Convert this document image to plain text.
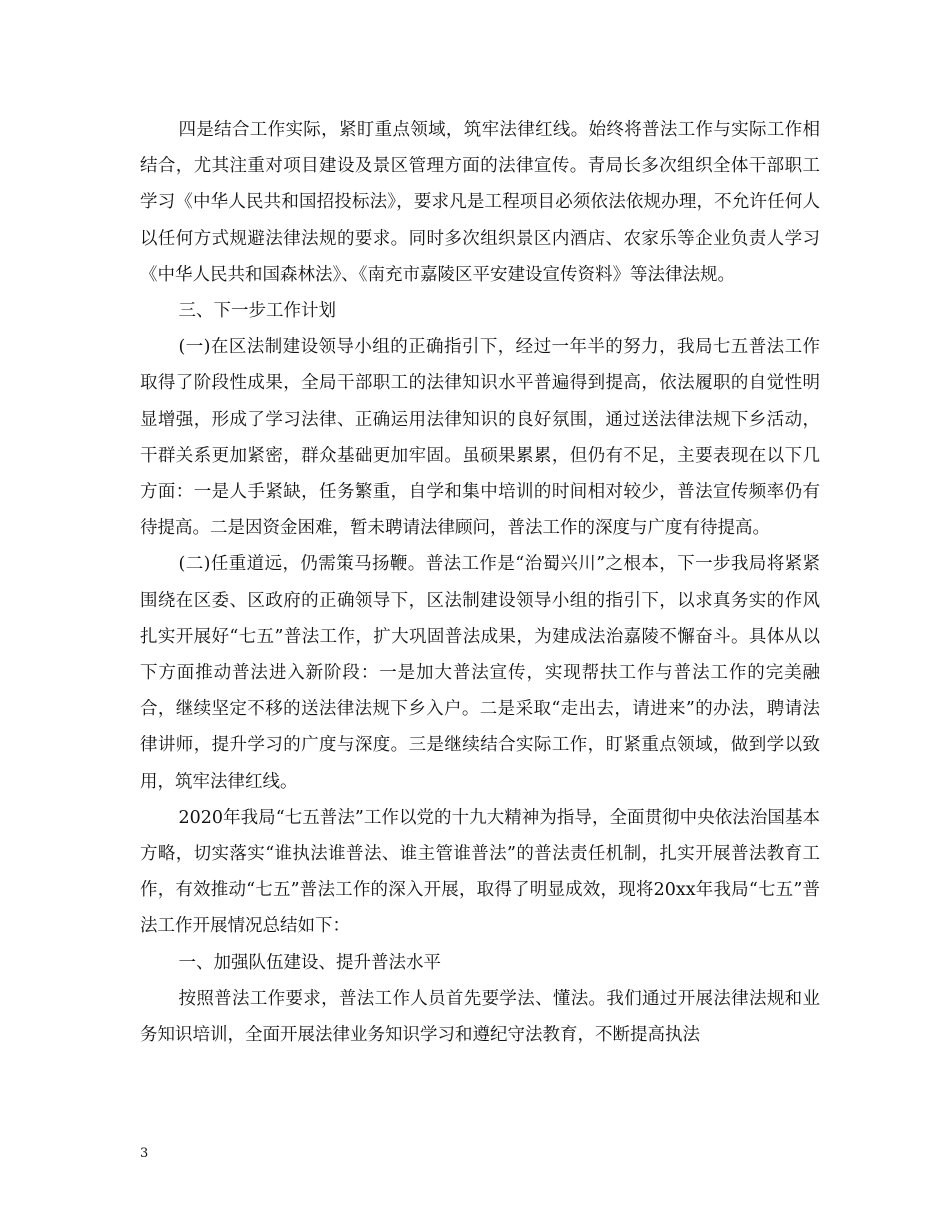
四是结合工作实际，紧盯重点领域，筑牢法律红线。始终将普法工作与实际工作相结合，尤其注重对项目建设及景区管理方面的法律宣传。青局长多次组织全体干部职工学习《中华人民共和国招投标法》，要求凡是工程项目必须依法依规办理，不允许任何人以任何方式规避法律法规的要求。同时多次组织景区内酒店、农家乐等企业负责人学习《中华人民共和国森林法》、《南充市嘉陵区平安建设宣传资料》等法律法规。

三、下一步工作计划

(一)在区法制建设领导小组的正确指引下，经过一年半的努力，我局七五普法工作取得了阶段性成果，全局干部职工的法律知识水平普遍得到提高，依法履职的自觉性明显增强，形成了学习法律、正确运用法律知识的良好氛围，通过送法律法规下乡活动，干群关系更加紧密，群众基础更加牢固。虽硕果累累，但仍有不足，主要表现在以下几方面：一是人手紧缺，任务繁重，自学和集中培训的时间相对较少，普法宣传频率仍有待提高。二是因资金困难，暂未聘请法律顾问，普法工作的深度与广度有待提高。

(二)任重道远，仍需策马扬鞭。普法工作是“治蜀兴川”之根本，下一步我局将紧紧围绕在区委、区政府的正确领导下，区法制建设领导小组的指引下，以求真务实的作风扎实开展好“七五”普法工作，扩大巩固普法成果，为建成法治嘉陵不懈奋斗。具体从以下方面推动普法进入新阶段：一是加大普法宣传，实现帮扶工作与普法工作的完美融合，继续坚定不移的送法律法规下乡入户。二是采取“走出去，请进来”的办法，聘请法律讲师，提升学习的广度与深度。三是继续结合实际工作，盯紧重点领域，做到学以致用，筑牢法律红线。

2020年我局“七五普法”工作以党的十九大精神为指导，全面贯彻中央依法治国基本方略，切实落实“谁执法谁普法、谁主管谁普法”的普法责任机制，扎实开展普法教育工作，有效推动“七五”普法工作的深入开展，取得了明显成效，现将20xx年我局“七五”普法工作开展情况总结如下：

一、加强队伍建设、提升普法水平

按照普法工作要求，普法工作人员首先要学法、懂法。我们通过开展法律法规和业务知识培训，全面开展法律业务知识学习和遵纪守法教育，不断提高执法

3
